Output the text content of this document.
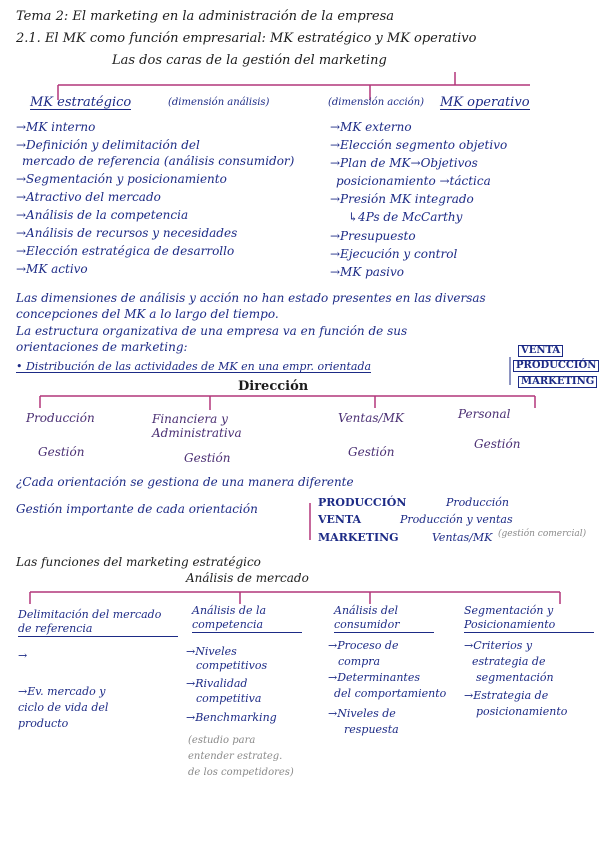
Tema 2: El marketing en la administración de la empresa
2.1. El MK como función empresarial: MK estratégico y MK operativo
Las dos caras de la gestión del marketing
MK estratégico	(dimensión análisis)
→MK interno
→Definición y delimitación del
mercado de referencia (análisis consumidor)
→Segmentación y posicionamiento
→Atractivo del mercado
→Análisis de la competencia
→Análisis de recursos y necesidades
→Elección estratégica de desarrollo
→MK activo
(dimensión acción) MK operativo
→MK externo
→Elección segmento objetivo
→Plan de MK→Objetivos
posicionamiento →táctica
→Presión MK integrado
↳4Ps de McCarthy
→Presupuesto
→Ejecución y control
→MK pasivo
Las dimensiones de análisis y acción no han estado presentes en las diversas
concepciones del MK a lo largo del tiempo.
La estructura organizativa de una empresa va en función de sus
orientaciones de marketing:
• Distribución de las actividades de MK en una empr. orientada
VENTA
PRODUCCIÓN
MARKETING
Dirección
Producción
Gestión
Financiera y Administrativa
Gestión
Ventas/MK
Gestión
Personal
Gestión
¿Cada orientación se gestiona de una manera diferente
Gestión importante de cada orientación	PRODUCCIÓN	Producción
VENTA	Producción y ventas
MARKETING	Ventas/MK (gestión comercial)
Las funciones del marketing estratégico
Análisis de mercado
Delimitación del mercado de referencia
→
→Ev. mercado y
ciclo de vida del
producto
Análisis de la competencia
→Niveles
competitivos
→Rivalidad
competitiva
→Benchmarking
(estudio para
entender estrateg.
de los competidores)
Análisis del consumidor
→Proceso de
compra
→Determinantes
del comportamiento
→Niveles de
respuesta
Segmentación y Posicionamiento
→Criterios y
estrategia de
segmentación
→Estrategia de
posicionamiento
